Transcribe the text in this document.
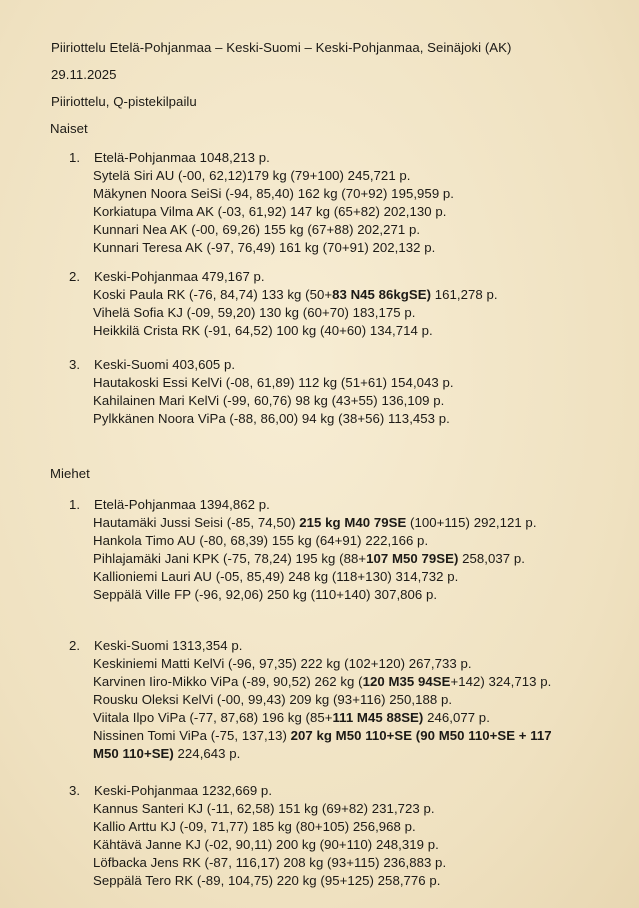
Piiriottelu Etelä-Pohjanmaa – Keski-Suomi – Keski-Pohjanmaa, Seinäjoki (AK)
29.11.2025
Piiriottelu, Q-pistekilpailu
Naiset
1. Etelä-Pohjanmaa 1048,213 p.
Sytelä Siri AU (-00, 62,12)179 kg (79+100) 245,721 p.
Mäkynen Noora SeiSi (-94, 85,40) 162 kg (70+92) 195,959 p.
Korkiatupa Vilma AK (-03, 61,92) 147 kg (65+82) 202,130 p.
Kunnari Nea AK (-00, 69,26) 155 kg (67+88) 202,271 p.
Kunnari Teresa AK (-97, 76,49) 161 kg (70+91) 202,132 p.
2. Keski-Pohjanmaa 479,167 p.
Koski Paula RK (-76, 84,74) 133 kg (50+83 N45 86kgSE) 161,278 p.
Vihelä Sofia KJ (-09, 59,20) 130 kg (60+70) 183,175 p.
Heikkilä Crista RK (-91, 64,52) 100 kg (40+60) 134,714 p.
3. Keski-Suomi 403,605 p.
Hautakoski Essi KelVi (-08, 61,89) 112 kg (51+61) 154,043 p.
Kahilainen Mari KelVi (-99, 60,76) 98 kg (43+55) 136,109 p.
Pylkkänen Noora ViPa (-88, 86,00) 94 kg (38+56) 113,453 p.
Miehet
1. Etelä-Pohjanmaa 1394,862 p.
Hautamäki Jussi Seisi (-85, 74,50) 215 kg M40 79SE (100+115) 292,121 p.
Hankola Timo AU (-80, 68,39) 155 kg (64+91) 222,166 p.
Pihlajamäki Jani KPK (-75, 78,24) 195 kg (88+107 M50 79SE) 258,037 p.
Kallioniemi Lauri AU (-05, 85,49) 248 kg (118+130) 314,732 p.
Seppälä Ville FP (-96, 92,06) 250 kg (110+140) 307,806 p.
2. Keski-Suomi 1313,354 p.
Keskiniemi Matti KelVi (-96, 97,35) 222 kg (102+120) 267,733 p.
Karvinen Iiro-Mikko ViPa (-89, 90,52) 262 kg (120 M35 94SE+142) 324,713 p.
Rousku Oleksi KelVi (-00, 99,43) 209 kg (93+116) 250,188 p.
Viitala Ilpo ViPa (-77, 87,68) 196 kg (85+111 M45 88SE) 246,077 p.
Nissinen Tomi ViPa (-75, 137,13) 207 kg M50 110+SE (90 M50 110+SE + 117
M50 110+SE) 224,643 p.
3. Keski-Pohjanmaa 1232,669 p.
Kannus Santeri KJ (-11, 62,58) 151 kg (69+82) 231,723 p.
Kallio Arttu KJ (-09, 71,77) 185 kg (80+105) 256,968 p.
Kähtävä Janne KJ (-02, 90,11) 200 kg (90+110) 248,319 p.
Löfbacka Jens RK (-87, 116,17) 208 kg (93+115) 236,883 p.
Seppälä Tero RK (-89, 104,75) 220 kg (95+125) 258,776 p.
